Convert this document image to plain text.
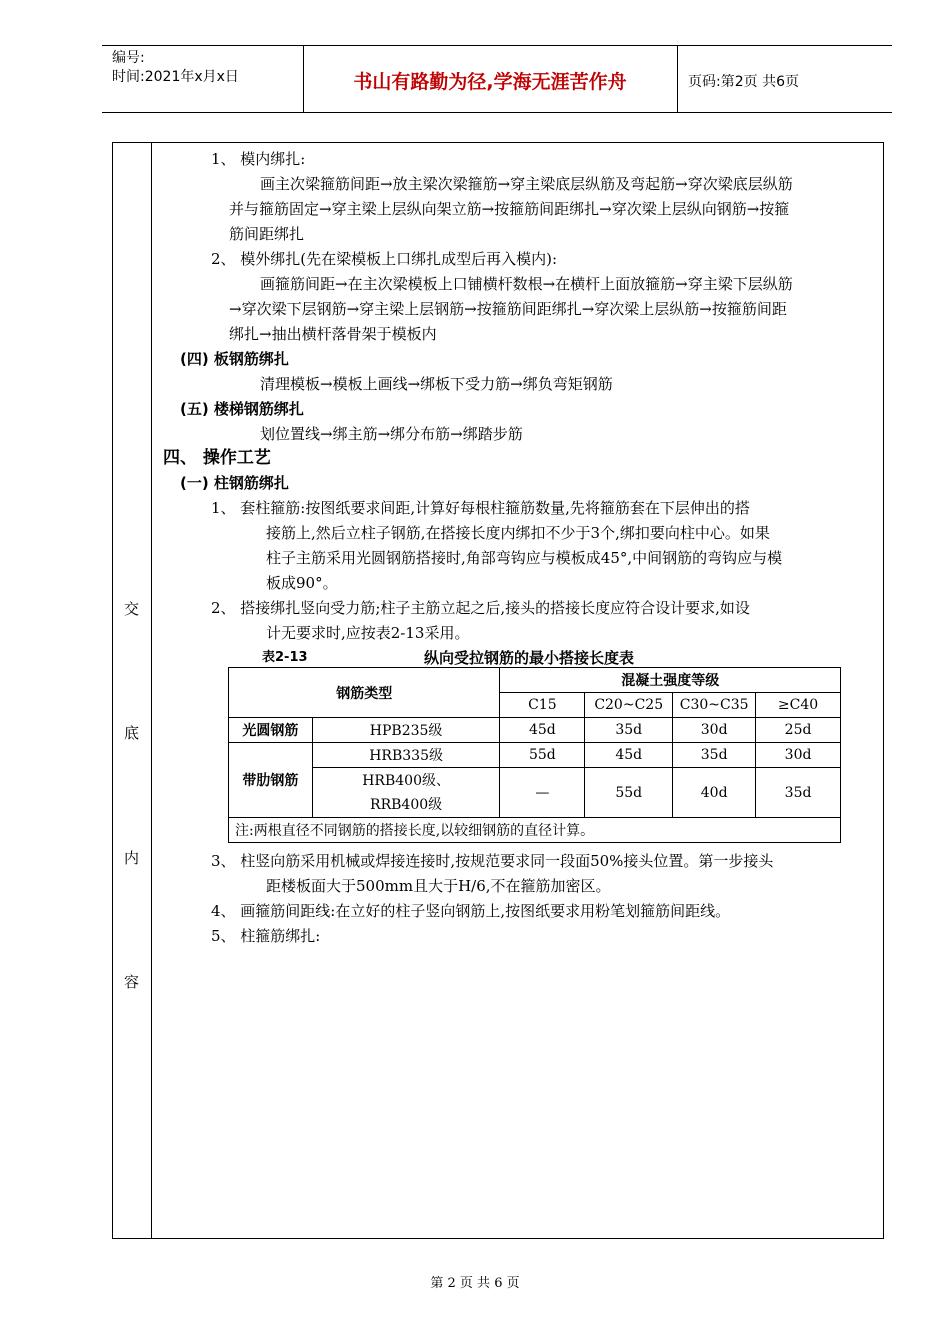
编号:
时间:2021年x月x日	书山有路勤为径,学海无涯苦作舟	页码:第2页 共6页
交
底
内
容
1、 模内绑扎:
画主次梁箍筋间距→放主梁次梁箍筋→穿主梁底层纵筋及弯起筋→穿次梁底层纵筋
并与箍筋固定→穿主梁上层纵向架立筋→按箍筋间距绑扎→穿次梁上层纵向钢筋→按箍
筋间距绑扎
2、 模外绑扎(先在梁模板上口绑扎成型后再入模内):
画箍筋间距→在主次梁模板上口铺横杆数根→在横杆上面放箍筋→穿主梁下层纵筋
→穿次梁下层钢筋→穿主梁上层钢筋→按箍筋间距绑扎→穿次梁上层纵筋→按箍筋间距
绑扎→抽出横杆落骨架于模板内
(四) 板钢筋绑扎
清理模板→模板上画线→绑板下受力筋→绑负弯矩钢筋
(五) 楼梯钢筋绑扎
划位置线→绑主筋→绑分布筋→绑踏步筋
四、 操作工艺
(一) 柱钢筋绑扎
1、 套柱箍筋:按图纸要求间距,计算好每根柱箍筋数量,先将箍筋套在下层伸出的搭
接筋上,然后立柱子钢筋,在搭接长度内绑扣不少于3个,绑扣要向柱中心。如果
柱子主筋采用光圆钢筋搭接时,角部弯钩应与模板成45°,中间钢筋的弯钩应与模
板成90°。
2、 搭接绑扎竖向受力筋;柱子主筋立起之后,接头的搭接长度应符合设计要求,如设
计无要求时,应按表2-13采用。
表2-13	纵向受拉钢筋的最小搭接长度表
钢筋类型		混凝土强度等级			
		C15	C20~C25	C30~C35	≥C40
光圆钢筋	HPB235级	45d	35d	30d	25d
带肋钢筋	HRB335级	55d	45d	35d	30d
	HRB400级、RRB400级	—	55d	40d	35d
注:两根直径不同钢筋的搭接长度,以较细钢筋的直径计算。					
3、 柱竖向筋采用机械或焊接连接时,按规范要求同一段面50%接头位置。第一步接头
距楼板面大于500mm且大于H/6,不在箍筋加密区。
4、 画箍筋间距线:在立好的柱子竖向钢筋上,按图纸要求用粉笔划箍筋间距线。
5、 柱箍筋绑扎:
第 2 页 共 6 页
